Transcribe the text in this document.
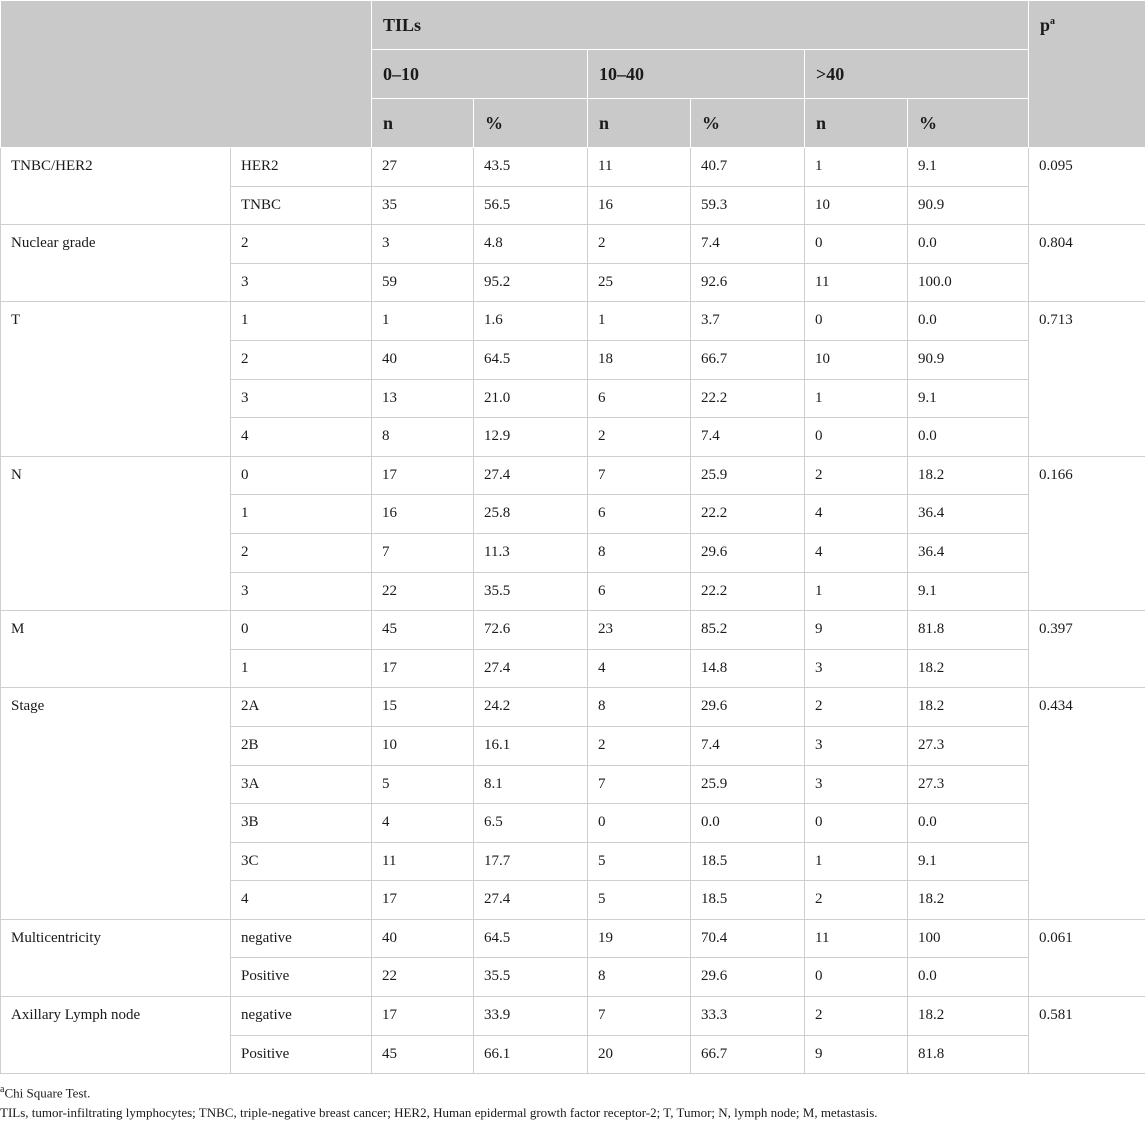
		TILs						$p^a$
		0–10		10–40		>40		
		n	%	n	%	n	%	
TNBC/HER2	HER2	27	43.5	11	40.7	1	9.1	0.095
	TNBC	35	56.5	16	59.3	10	90.9	
Nuclear grade	2	3	4.8	2	7.4	0	0.0	0.804
	3	59	95.2	25	92.6	11	100.0	
T	1	1	1.6	1	3.7	0	0.0	0.713
	2	40	64.5	18	66.7	10	90.9	
	3	13	21.0	6	22.2	1	9.1	
	4	8	12.9	2	7.4	0	0.0	
N	0	17	27.4	7	25.9	2	18.2	0.166
	1	16	25.8	6	22.2	4	36.4	
	2	7	11.3	8	29.6	4	36.4	
	3	22	35.5	6	22.2	1	9.1	
M	0	45	72.6	23	85.2	9	81.8	0.397
	1	17	27.4	4	14.8	3	18.2	
Stage	2A	15	24.2	8	29.6	2	18.2	0.434
	2B	10	16.1	2	7.4	3	27.3	
	3A	5	8.1	7	25.9	3	27.3	
	3B	4	6.5	0	0.0	0	0.0	
	3C	11	17.7	5	18.5	1	9.1	
	4	17	27.4	5	18.5	2	18.2	
Multicentricity	negative	40	64.5	19	70.4	11	100	0.061
	Positive	22	35.5	8	29.6	0	0.0	
Axillary Lymph node	negative	17	33.9	7	33.3	2	18.2	0.581
	Positive	45	66.1	20	66.7	9	81.8	
$^a$Chi Square Test.
TILs, tumor-infiltrating lymphocytes; TNBC, triple-negative breast cancer; HER2, Human epidermal growth factor receptor-2; T, Tumor; N, lymph node; M, metastasis.
